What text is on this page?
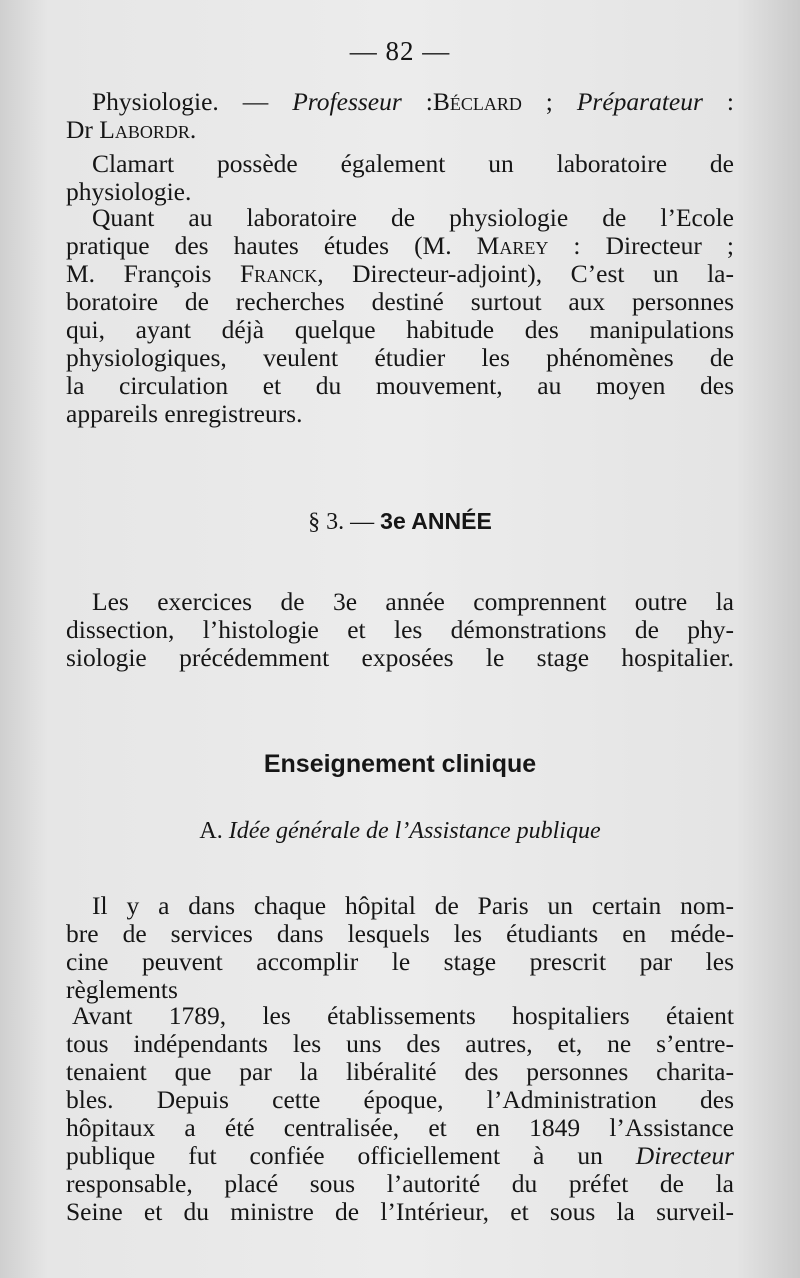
— 82 —
Physiologie. — Professeur :Béclard ; Préparateur :
Dr Labordr.
Clamart possède également un laboratoire de
physiologie.
Quant au laboratoire de physiologie de l’Ecole
pratique des hautes études (M. Marey : Directeur ;
M. François Franck, Directeur-adjoint), C’est un la-
boratoire de recherches destiné surtout aux personnes
qui, ayant déjà quelque habitude des manipulations
physiologiques, veulent étudier les phénomènes de
la circulation et du mouvement, au moyen des
appareils enregistreurs.
§ 3. — 3e ANNÉE
Les exercices de 3e année comprennent outre la
dissection, l’histologie et les démonstrations de phy-
siologie précédemment exposées le stage hospitalier.
Enseignement clinique
A. Idée générale de l’Assistance publique
Il y a dans chaque hôpital de Paris un certain nom-
bre de services dans lesquels les étudiants en méde-
cine peuvent accomplir le stage prescrit par les
règlements
Avant 1789, les établissements hospitaliers étaient
tous indépendants les uns des autres, et, ne s’entre-
tenaient que par la libéralité des personnes charita-
bles. Depuis cette époque, l’Administration des
hôpitaux a été centralisée, et en 1849 l’Assistance
publique fut confiée officiellement à un Directeur
responsable, placé sous l’autorité du préfet de la
Seine et du ministre de l’Intérieur, et sous la surveil-
